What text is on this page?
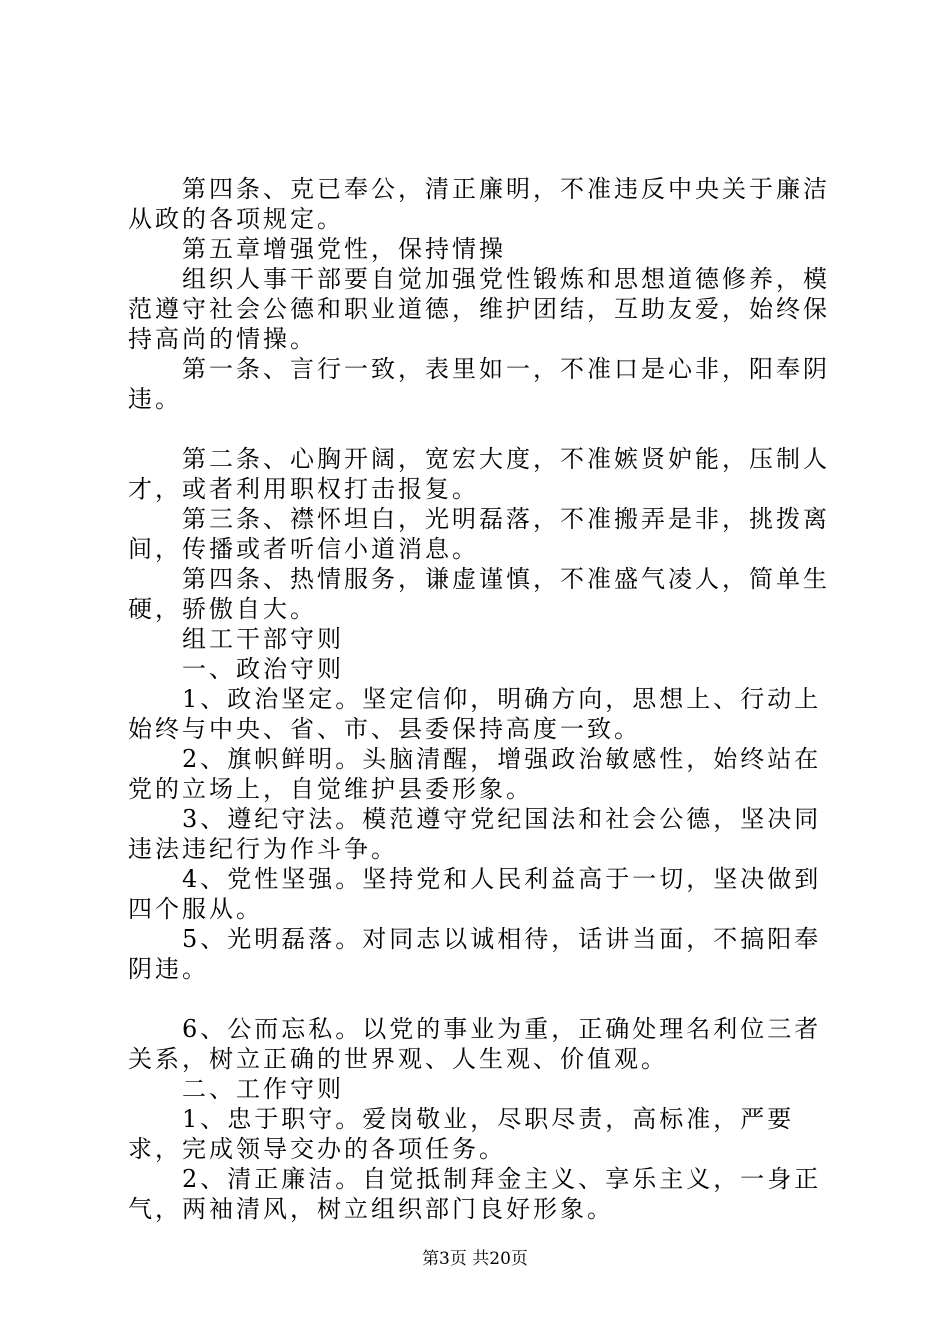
第四条、克已奉公，清正廉明，不准违反中央关于廉洁从政的各项规定。

第五章增强党性，保持情操

组织人事干部要自觉加强党性锻炼和思想道德修养，模范遵守社会公德和职业道德，维护团结，互助友爱，始终保持高尚的情操。

第一条、言行一致，表里如一，不准口是心非，阳奉阴违。

第二条、心胸开阔，宽宏大度，不准嫉贤妒能，压制人才，或者利用职权打击报复。

第三条、襟怀坦白，光明磊落，不准搬弄是非，挑拨离间，传播或者听信小道消息。

第四条、热情服务，谦虚谨慎，不准盛气凌人，简单生硬，骄傲自大。

组工干部守则

一、政治守则

1、政治坚定。坚定信仰，明确方向，思想上、行动上始终与中央、省、市、县委保持高度一致。

2、旗帜鲜明。头脑清醒，增强政治敏感性，始终站在党的立场上，自觉维护县委形象。

3、遵纪守法。模范遵守党纪国法和社会公德，坚决同违法违纪行为作斗争。

4、党性坚强。坚持党和人民利益高于一切，坚决做到四个服从。

5、光明磊落。对同志以诚相待，话讲当面，不搞阳奉阴违。

6、公而忘私。以党的事业为重，正确处理名利位三者关系，树立正确的世界观、人生观、价值观。

二、工作守则

1、忠于职守。爱岗敬业，尽职尽责，高标准，严要求，完成领导交办的各项任务。

2、清正廉洁。自觉抵制拜金主义、享乐主义，一身正气，两袖清风，树立组织部门良好形象。

第3页 共20页
